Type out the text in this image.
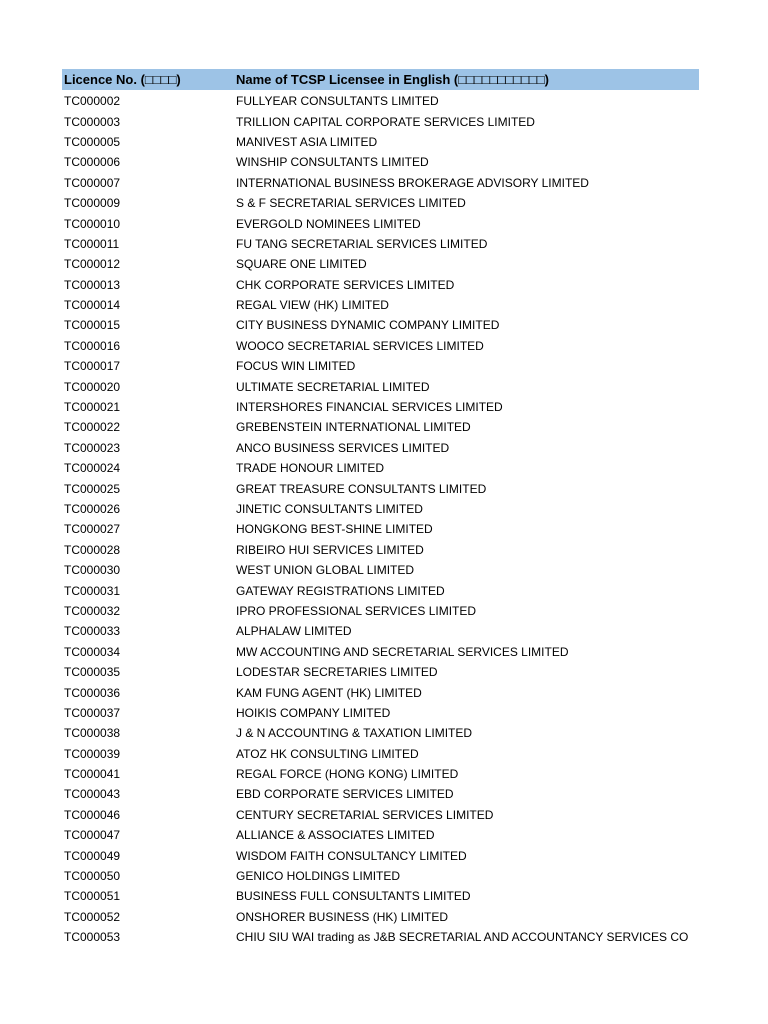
Licence No. (□□□□)	Name of TCSP Licensee in English (□□□□□□□□□□□)
TC000002	FULLYEAR CONSULTANTS LIMITED
TC000003	TRILLION CAPITAL CORPORATE SERVICES LIMITED
TC000005	MANIVEST ASIA LIMITED
TC000006	WINSHIP CONSULTANTS LIMITED
TC000007	INTERNATIONAL BUSINESS BROKERAGE ADVISORY LIMITED
TC000009	S & F SECRETARIAL SERVICES LIMITED
TC000010	EVERGOLD NOMINEES LIMITED
TC000011	FU TANG SECRETARIAL SERVICES LIMITED
TC000012	SQUARE ONE LIMITED
TC000013	CHK CORPORATE SERVICES LIMITED
TC000014	REGAL VIEW (HK) LIMITED
TC000015	CITY BUSINESS DYNAMIC COMPANY LIMITED
TC000016	WOOCO SECRETARIAL SERVICES LIMITED
TC000017	FOCUS WIN LIMITED
TC000020	ULTIMATE SECRETARIAL LIMITED
TC000021	INTERSHORES FINANCIAL SERVICES LIMITED
TC000022	GREBENSTEIN INTERNATIONAL LIMITED
TC000023	ANCO BUSINESS SERVICES LIMITED
TC000024	TRADE HONOUR LIMITED
TC000025	GREAT TREASURE CONSULTANTS LIMITED
TC000026	JINETIC CONSULTANTS LIMITED
TC000027	HONGKONG BEST-SHINE LIMITED
TC000028	RIBEIRO HUI SERVICES LIMITED
TC000030	WEST UNION GLOBAL LIMITED
TC000031	GATEWAY REGISTRATIONS LIMITED
TC000032	IPRO PROFESSIONAL SERVICES LIMITED
TC000033	ALPHALAW LIMITED
TC000034	MW ACCOUNTING AND SECRETARIAL SERVICES LIMITED
TC000035	LODESTAR SECRETARIES LIMITED
TC000036	KAM FUNG AGENT (HK) LIMITED
TC000037	HOIKIS COMPANY LIMITED
TC000038	J & N ACCOUNTING & TAXATION LIMITED
TC000039	ATOZ HK CONSULTING LIMITED
TC000041	REGAL FORCE (HONG KONG) LIMITED
TC000043	EBD CORPORATE SERVICES LIMITED
TC000046	CENTURY SECRETARIAL SERVICES LIMITED
TC000047	ALLIANCE & ASSOCIATES LIMITED
TC000049	WISDOM FAITH CONSULTANCY LIMITED
TC000050	GENICO HOLDINGS LIMITED
TC000051	BUSINESS FULL CONSULTANTS LIMITED
TC000052	ONSHORER BUSINESS (HK) LIMITED
TC000053	CHIU SIU WAI trading as J&B SECRETARIAL AND ACCOUNTANCY SERVICES CO
